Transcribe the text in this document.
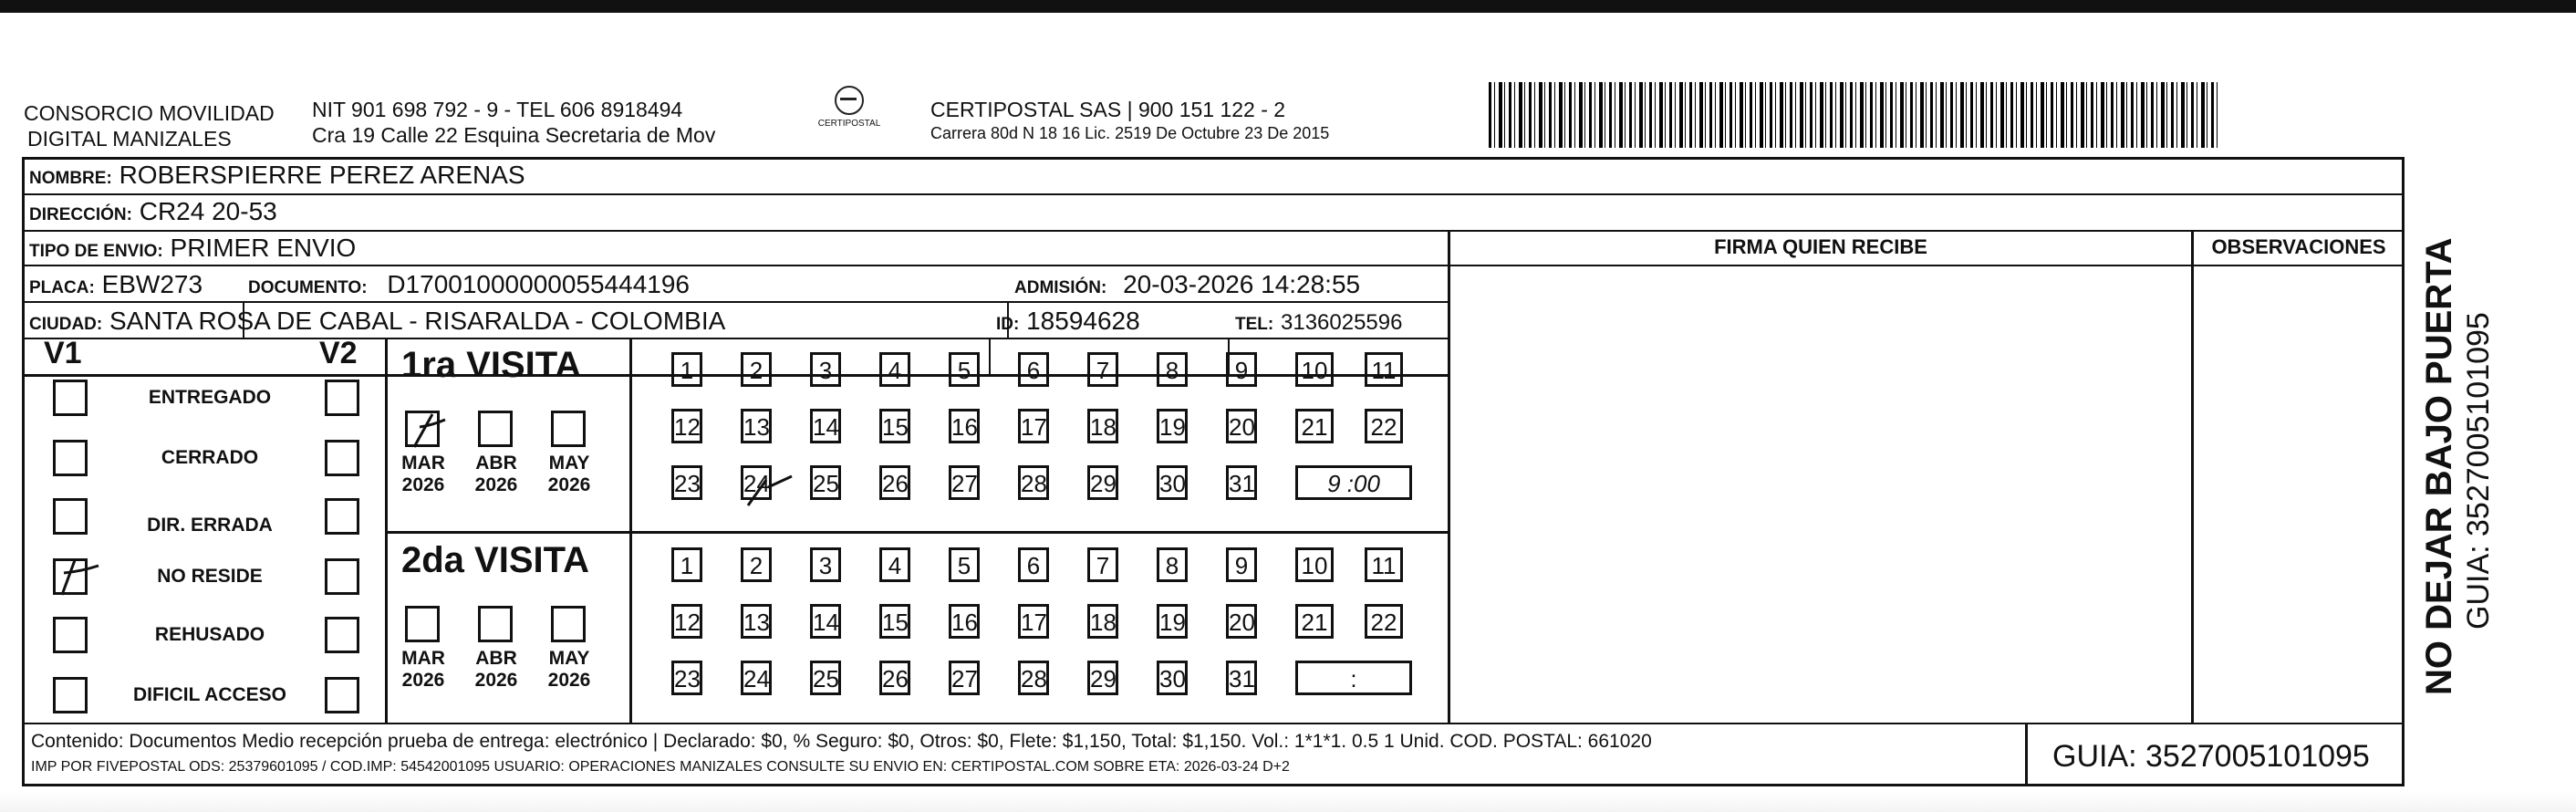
CONSORCIO MOVILIDAD
DIGITAL MANIZALES
NIT 901 698 792 - 9 - TEL 606 8918494
Cra 19 Calle 22 Esquina Secretaria de Mov	CERTIPOSTAL
CERTIPOSTAL SAS | 900 151 122 - 2
Carrera 80d N 18 16 Lic. 2519 De Octubre 23 De 2015
NOMBRE: ROBERSPIERRE PEREZ ARENAS
DIRECCIÓN: CR24 20-53
TIPO DE ENVIO: PRIMER ENVIO
PLACA: EBW273	DOCUMENTO: D17001000000055444196	ADMISIÓN: 20-03-2026 14:28:55
CIUDAD: SANTA ROSA DE CABAL - RISARALDA - COLOMBIA	ID: 18594628	TEL: 3136025596
FIRMA QUIEN RECIBE	OBSERVACIONES
V1	V2
ENTREGADO
CERRADO
DIR. ERRADA
NO RESIDE
REHUSADO
DIFICIL ACCESO
1ra VISITA
2da VISITA
1	2	3	4	5	6	7	8	9	10 11
12 13 14 15 16 17 18 19 20 21 22
23 24 25 26 27 28 29 30 31	9 :00
MAR
2026
ABR
2026
MAY
2026
1	2	3	4	5	6	7	8	9	10 11
12 13 14 15 16 17 18 19 20 21 22
23 24 25 26 27 28 29 30 31	:
MAR
2026
ABR
2026
MAY
2026
Contenido: Documentos Medio recepción prueba de entrega: electrónico | Declarado: $0, % Seguro: $0, Otros: $0, Flete: $1,150, Total: $1,150. Vol.: 1*1*1. 0.5 1 Unid. COD. POSTAL: 661020
IMP POR FIVEPOSTAL ODS: 25379601095 / COD.IMP: 54542001095 USUARIO: OPERACIONES MANIZALES CONSULTE SU ENVIO EN: CERTIPOSTAL.COM SOBRE ETA: 2026-03-24 D+2	GUIA: 3527005101095
NO DEJAR BAJO PUERTA GUIA: 3527005101095
